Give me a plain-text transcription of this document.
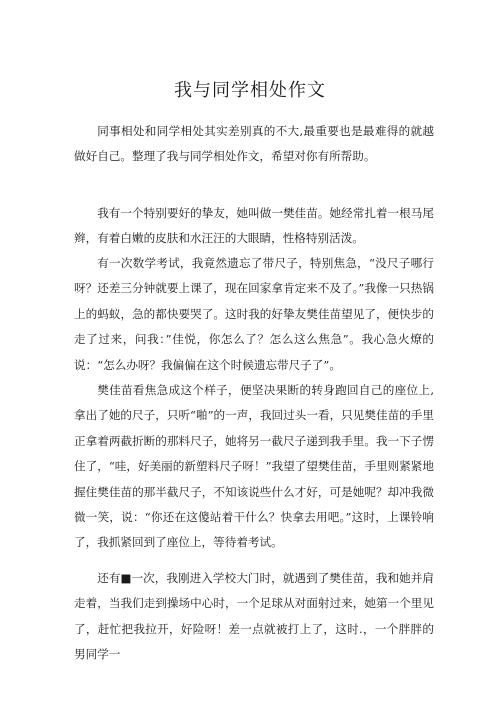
我与同学相处作文

同事相处和同学相处其实差别真的不大,最重要也是最难得的就越做好自己。整理了我与同学相处作文，希望对你有所帮助。

我有一个特别要好的挚友，她叫做一樊佳苗。她经常扎着一根马尾辫，有着白嫩的皮肤和水汪汪的大眼睛，性格特别活泼。

有一次数学考试，我竟然遗忘了带尺子，特别焦急，“没尺子哪行呀？还差三分钟就要上课了，现在回家拿肯定来不及了。”我像一只热锅上的蚂蚁，急的都快要哭了。这时我的好挚友樊佳苗望见了，便快步的走了过来，问我：”佳悦，你怎么了？怎么这么焦急”。我心急火燎的说：“怎么办呀？我偏偏在这个时候遗忘带尺子了”。

樊佳苗看焦急成这个样子，便坚决果断的转身跑回自己的座位上,拿出了她的尺子，只听“啪”的一声，我回过头一看，只见樊佳苗的手里正拿着两截折断的那料尺子，她将另一截尺子递到我手里。我一下子愣住了，“哇，好美丽的新塑料尺子呀！”我望了望樊佳苗，手里则紧紧地握住樊佳苗的那半截尺子，不知该说些什么才好，可是她呢？却冲我微微一笑，说：“你还在这傻站着干什么？快拿去用吧。”这时，上课铃响了，我抓紧回到了座位上，等待着考试。

还有■一次，我刚进入学校大门时，就遇到了樊佳苗，我和她并肩走着，当我们走到操场中心时，一个足球从对面射过来，她第一个里见了，赶忙把我拉开，好险呀！差一点就被打上了，这时.，一个胖胖的男同学一
